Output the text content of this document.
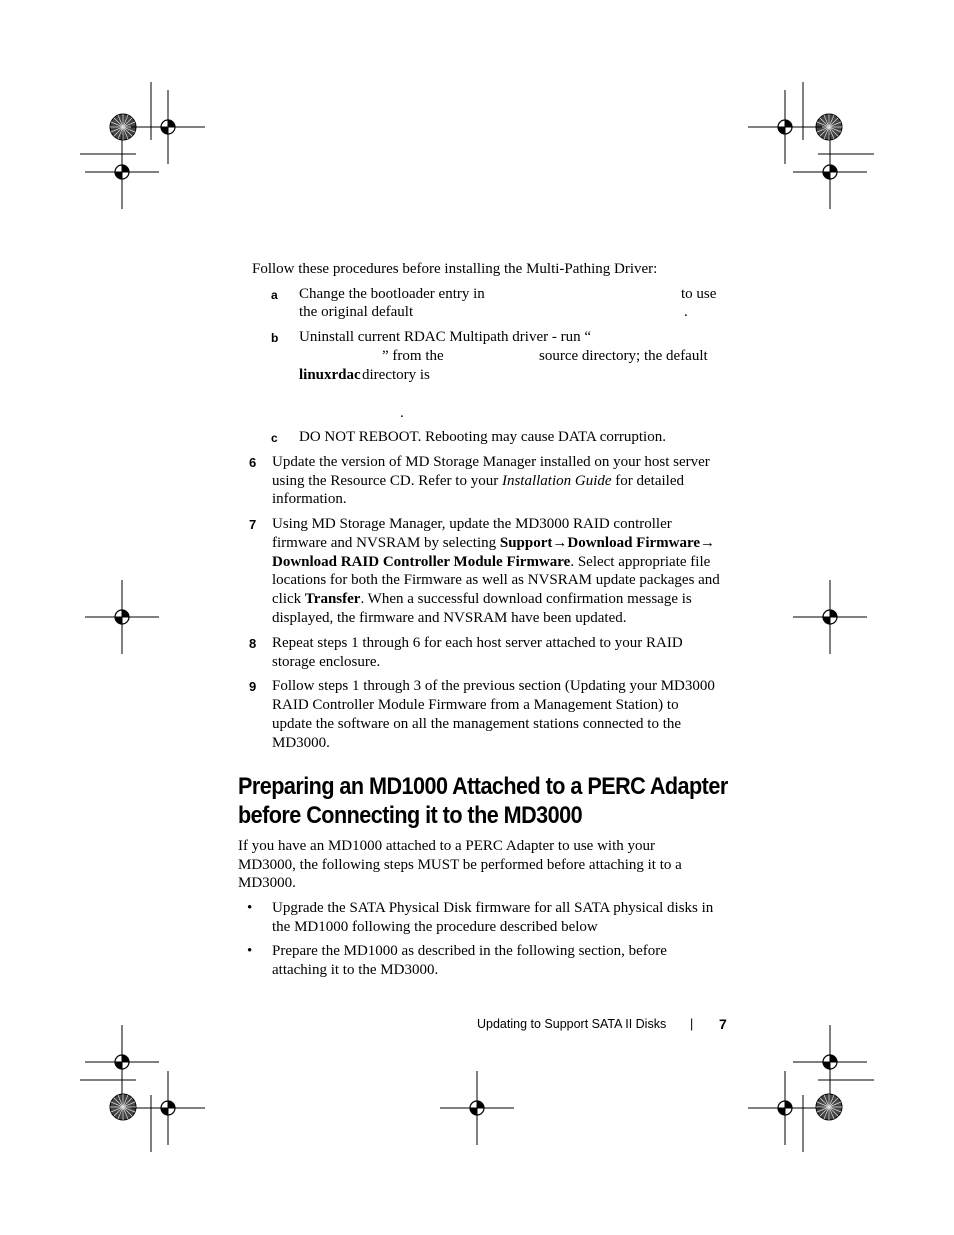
Follow these procedures before installing the Multi-Pathing Driver:

a Change the bootloader entry in	to use
the original default	.
b Uninstall current RDAC Multipath driver - run “
” from the	source directory; the default
linuxrdac directory is
.
c DO NOT REBOOT. Rebooting may cause DATA corruption.
6 Update the version of MD Storage Manager installed on your host server
using the Resource CD. Refer to your Installation Guide for detailed
information.
7 Using MD Storage Manager, update the MD3000 RAID controller
firmware and NVSRAM by selecting Support→Download Firmware→
Download RAID Controller Module Firmware. Select appropriate file
locations for both the Firmware as well as NVSRAM update packages and
click Transfer. When a successful download confirmation message is
displayed, the firmware and NVSRAM have been updated.
8 Repeat steps 1 through 6 for each host server attached to your RAID
storage enclosure.
9 Follow steps 1 through 3 of the previous section (Updating your MD3000
RAID Controller Module Firmware from a Management Station) to
update the software on all the management stations connected to the
MD3000.
Preparing an MD1000 Attached to a PERC Adapter
before Connecting it to the MD3000
If you have an MD1000 attached to a PERC Adapter to use with your
MD3000, the following steps MUST be performed before attaching it to a
MD3000.
• Upgrade the SATA Physical Disk firmware for all SATA physical disks in
the MD1000 following the procedure described below
• Prepare the MD1000 as described in the following section, before
attaching it to the MD3000.
Updating to Support SATA II Disks | 7
